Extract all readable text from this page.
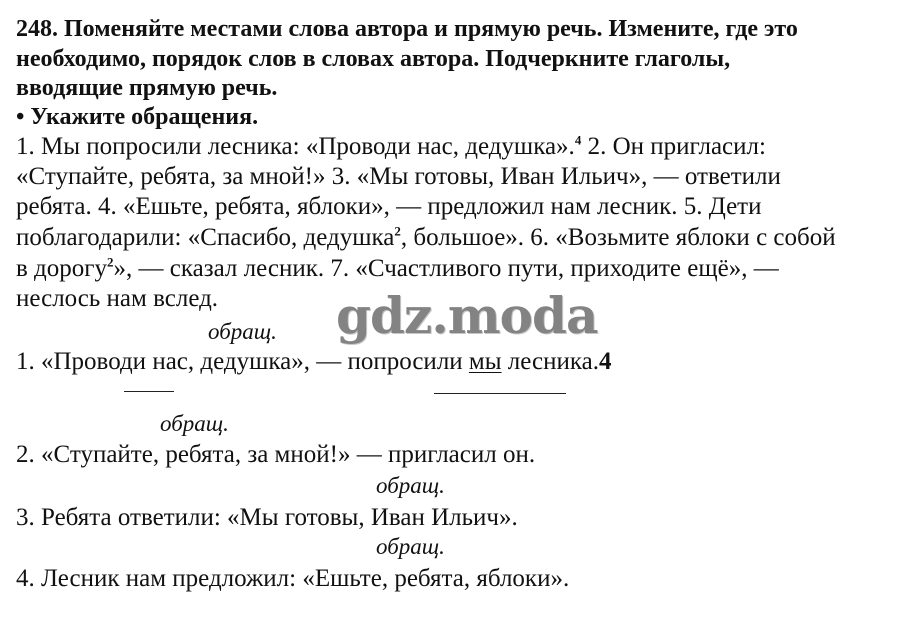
248. Поменяйте местами слова автора и прямую речь. Измените, где это
необходимо, порядок слов в словах автора. Подчеркните глаголы,
вводящие прямую речь.
• Укажите обращения.
1. Мы попросили лесника: «Проводи нас, дедушка».$^4$ 2. Он пригласил:
«Ступайте, ребята, за мной!» 3. «Мы готовы, Иван Ильич», — ответили
ребята. 4. «Ешьте, ребята, яблоки», — предложил нам лесник. 5. Дети
поблагодарили: «Спасибо, дедушка$^2$, большое». 6. «Возьмите яблоки с собой
в дорогу$^2$», — сказал лесник. 7. «Счастливого пути, приходите ещё», —
неслось нам вслед. gdz.moda
обращ.
1. «Проводи нас, дедушка», — попросили мы лесника.4
обращ.
2. «Ступайте, ребята, за мной!» — пригласил он.
обращ.
3. Ребята ответили: «Мы готовы, Иван Ильич».
обращ.
4. Лесник нам предложил: «Ешьте, ребята, яблоки».
